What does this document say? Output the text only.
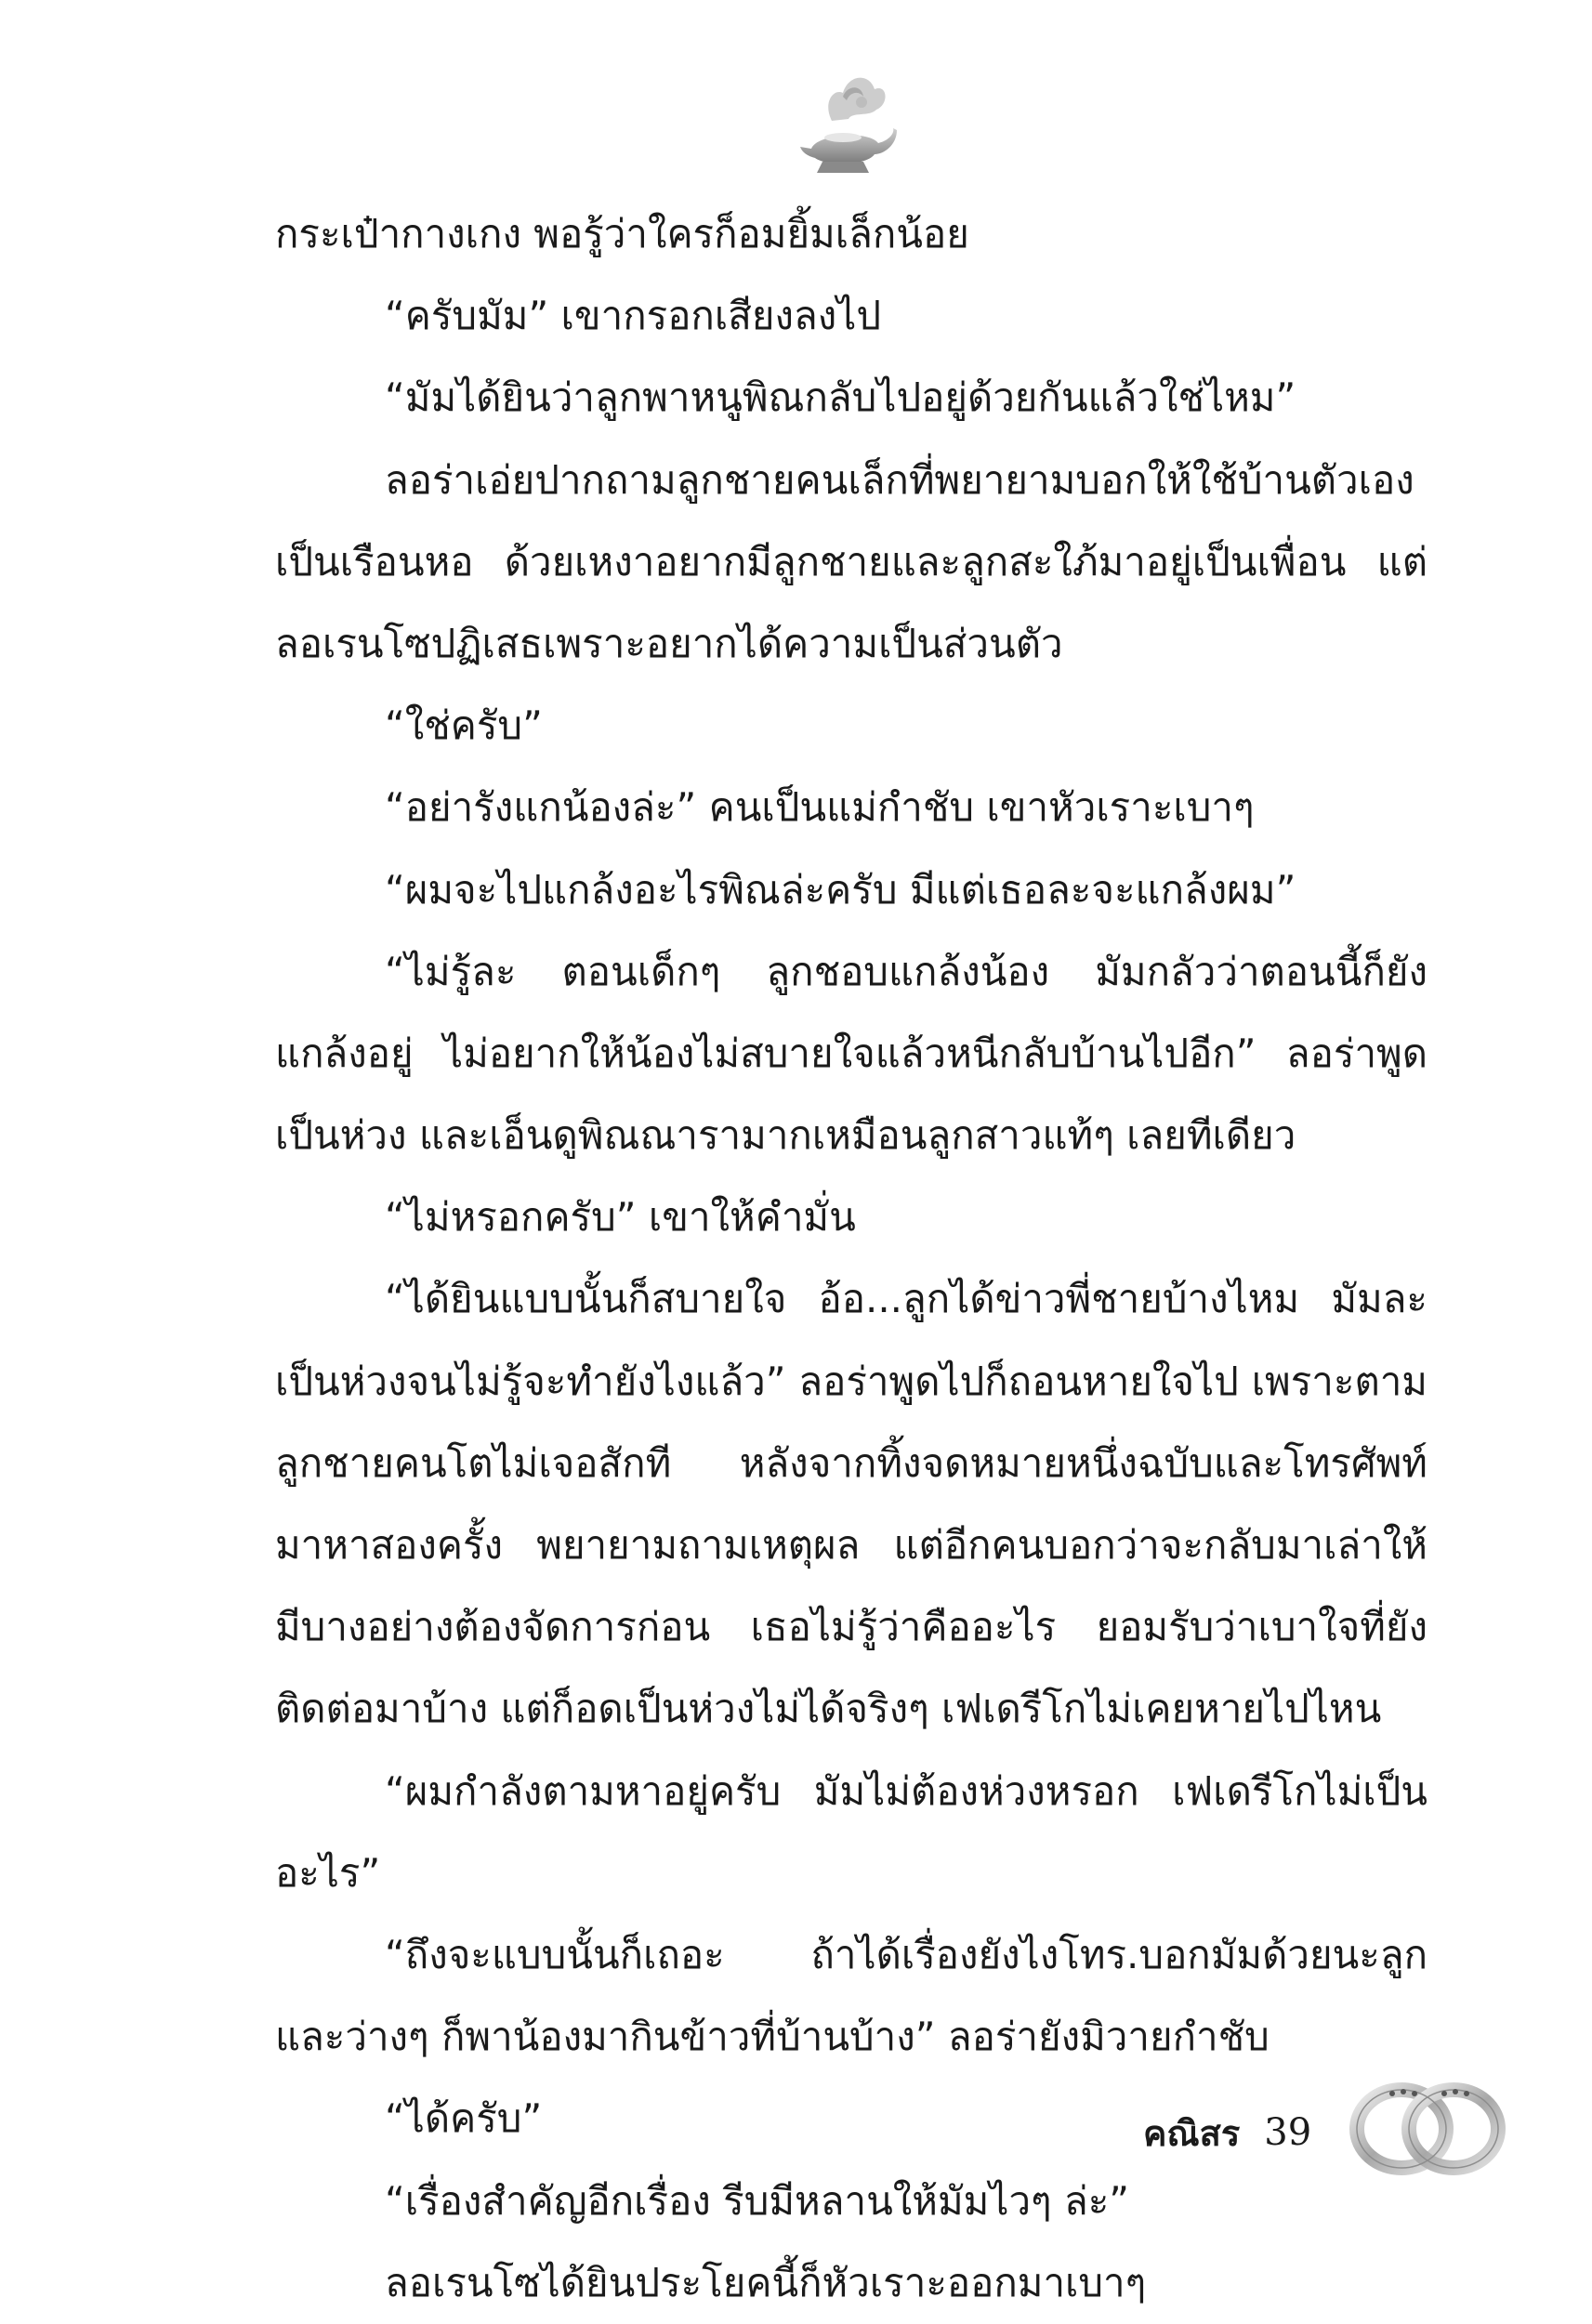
กระเป๋ากางเกง พอรู้ว่าใครก็อมยิ้มเล็กน้อย
“ครับมัม” เขากรอกเสียงลงไป
“มัมได้ยินว่าลูกพาหนูพิณกลับไปอยู่ด้วยกันแล้วใช่ไหม”
ลอร่าเอ่ยปากถามลูกชายคนเล็กที่พยายามบอกให้ใช้บ้านตัวเอง
เป็นเรือนหอ ด้วยเหงาอยากมีลูกชายและลูกสะใภ้มาอยู่เป็นเพื่อน แต่
ลอเรนโซปฏิเสธเพราะอยากได้ความเป็นส่วนตัว
“ใช่ครับ”
“อย่ารังแกน้องล่ะ” คนเป็นแม่กำชับ เขาหัวเราะเบาๆ
“ผมจะไปแกล้งอะไรพิณล่ะครับ มีแต่เธอละจะแกล้งผม”
“ไม่รู้ละ ตอนเด็กๆ ลูกชอบแกล้งน้อง มัมกลัวว่าตอนนี้ก็ยัง
แกล้งอยู่ ไม่อยากให้น้องไม่สบายใจแล้วหนีกลับบ้านไปอีก” ลอร่าพูด
เป็นห่วง และเอ็นดูพิณณารามากเหมือนลูกสาวแท้ๆ เลยทีเดียว
“ไม่หรอกครับ” เขาให้คำมั่น
“ได้ยินแบบนั้นก็สบายใจ อ้อ...ลูกได้ข่าวพี่ชายบ้างไหม มัมละ
เป็นห่วงจนไม่รู้จะทำยังไงแล้ว” ลอร่าพูดไปก็ถอนหายใจไป เพราะตาม
ลูกชายคนโตไม่เจอสักที หลังจากทิ้งจดหมายหนึ่งฉบับและโทรศัพท์
มาหาสองครั้ง พยายามถามเหตุผล แต่อีกคนบอกว่าจะกลับมาเล่าให้
มีบางอย่างต้องจัดการก่อน เธอไม่รู้ว่าคืออะไร ยอมรับว่าเบาใจที่ยัง
ติดต่อมาบ้าง แต่ก็อดเป็นห่วงไม่ได้จริงๆ เฟเดรีโกไม่เคยหายไปไหน
“ผมกำลังตามหาอยู่ครับ มัมไม่ต้องห่วงหรอก เฟเดรีโกไม่เป็น
อะไร”
“ถึงจะแบบนั้นก็เถอะ ถ้าได้เรื่องยังไงโทร.บอกมัมด้วยนะลูก
และว่างๆ ก็พาน้องมากินข้าวที่บ้านบ้าง” ลอร่ายังมิวายกำชับ
“ได้ครับ”
“เรื่องสำคัญอีกเรื่อง รีบมีหลานให้มัมไวๆ ล่ะ”
ลอเรนโซได้ยินประโยคนี้ก็หัวเราะออกมาเบาๆ
คณิสร 39
